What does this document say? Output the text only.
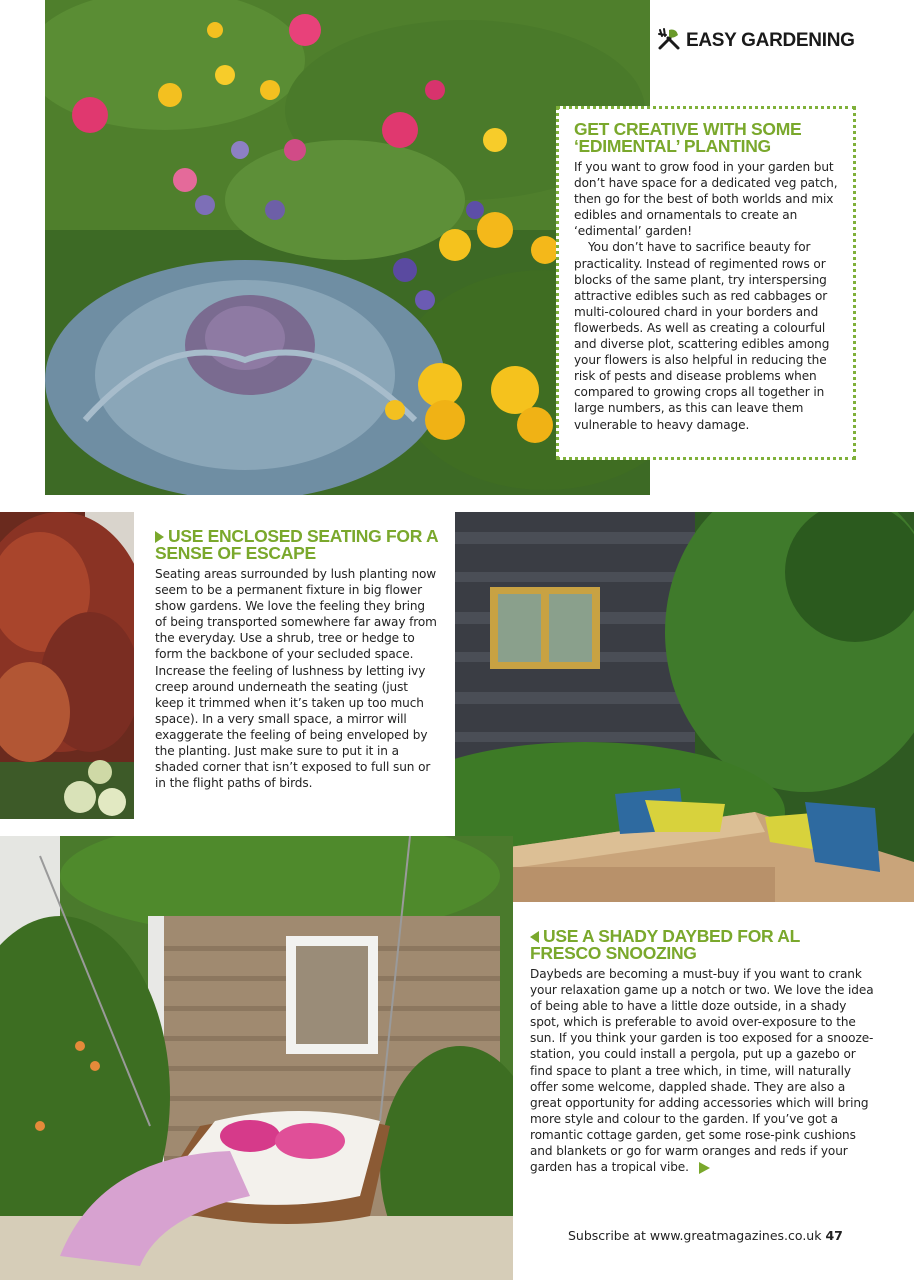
EASY GARDENING
GET CREATIVE WITH SOME ‘EDIMENTAL’ PLANTING

If you want to grow food in your garden but don’t have space for a dedicated veg patch, then go for the best of both worlds and mix edibles and ornamentals to create an ‘edimental’ garden!

You don’t have to sacrifice beauty for practicality. Instead of regimented rows or blocks of the same plant, try interspersing attractive edibles such as red cabbages or multi-coloured chard in your borders and flowerbeds. As well as creating a colourful and diverse plot, scattering edibles among your flowers is also helpful in reducing the risk of pests and disease problems when compared to growing crops all together in large numbers, as this can leave them vulnerable to heavy damage.

USE ENCLOSED SEATING FOR A SENSE OF ESCAPE

Seating areas surrounded by lush planting now seem to be a permanent fixture in big flower show gardens. We love the feeling they bring of being transported somewhere far away from the everyday. Use a shrub, tree or hedge to form the backbone of your secluded space. Increase the feeling of lushness by letting ivy creep around underneath the seating (just keep it trimmed when it’s taken up too much space). In a very small space, a mirror will exaggerate the feeling of being enveloped by the planting. Just make sure to put it in a shaded corner that isn’t exposed to full sun or in the flight paths of birds.

USE A SHADY DAYBED FOR AL FRESCO SNOOZING

Daybeds are becoming a must-buy if you want to crank your relaxation game up a notch or two. We love the idea of being able to have a little doze outside, in a shady spot, which is preferable to avoid over-exposure to the sun. If you think your garden is too exposed for a snooze-station, you could install a pergola, put up a gazebo or find space to plant a tree which, in time, will naturally offer some welcome, dappled shade. They are also a great opportunity for adding accessories which will bring more style and colour to the garden. If you’ve got a romantic cottage garden, get some rose-pink cushions and blankets or go for warm oranges and reds if your garden has a tropical vibe.

Subscribe at www.greatmagazines.co.uk 47
